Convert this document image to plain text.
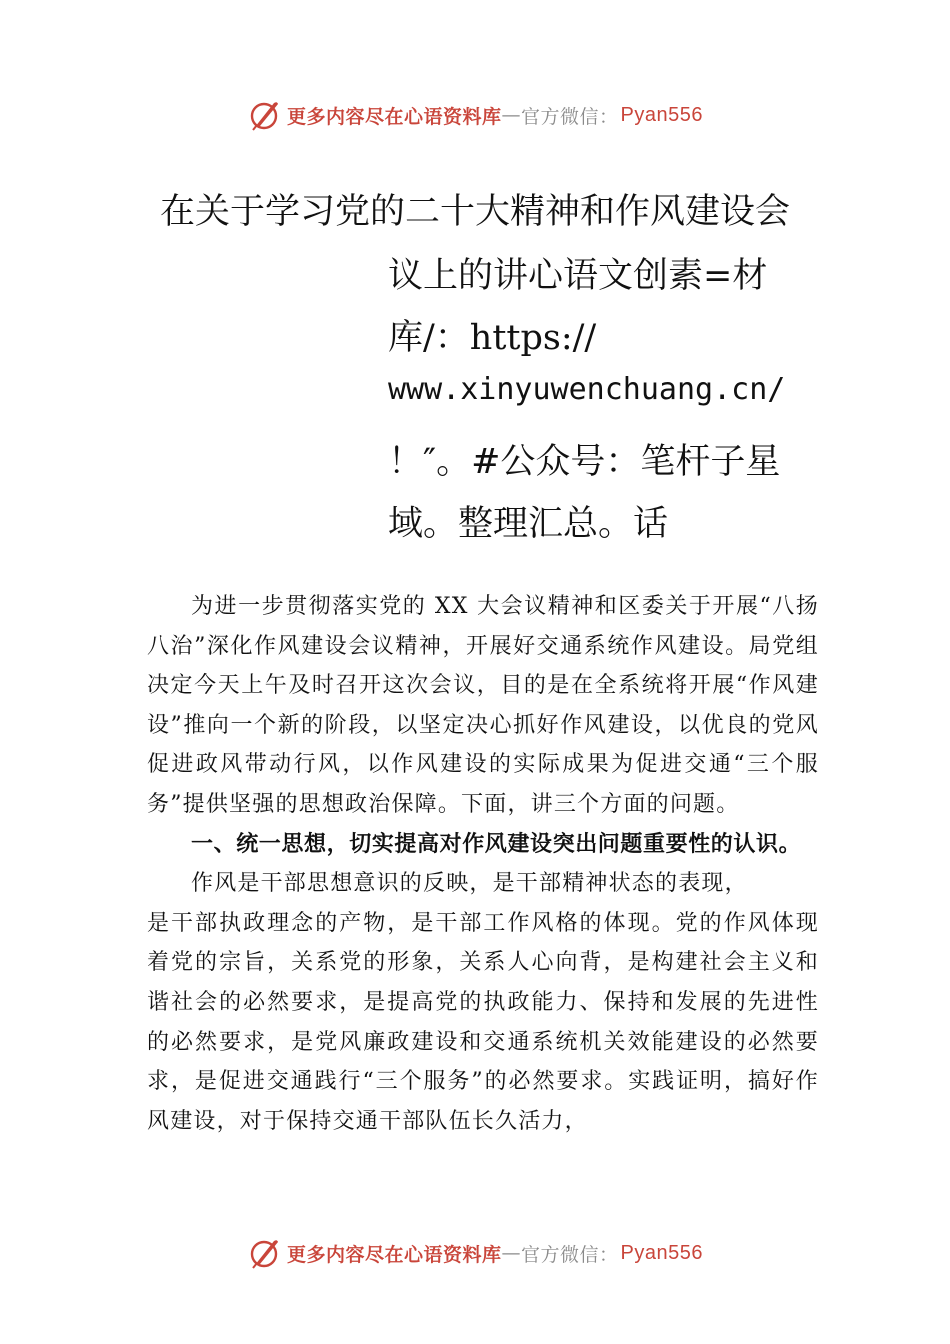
更多内容尽在心语资料库 — 官方微信： Pyan556
在关于学习党的二十大精神和作风建设会
议上的讲心语文创素=材
库/：https://
www.xinyuwenchuang.cn/
！″。#公众号：笔杆子星
域。整理汇总。话

为进一步贯彻落实党的 XX 大会议精神和区委关于开展“八扬八治”深化作风建设会议精神，开展好交通系统作风建设。局党组决定今天上午及时召开这次会议，目的是在全系统将开展“作风建设”推向一个新的阶段，以坚定决心抓好作风建设，以优良的党风促进政风带动行风，以作风建设的实际成果为促进交通“三个服务”提供坚强的思想政治保障。下面，讲三个方面的问题。

一、统一思想，切实提高对作风建设突出问题重要性的认识。

作风是干部思想意识的反映，是干部精神状态的表现，

是干部执政理念的产物，是干部工作风格的体现。党的作风体现着党的宗旨，关系党的形象，关系人心向背，是构建社会主义和谐社会的必然要求，是提高党的执政能力、保持和发展的先进性的必然要求，是党风廉政建设和交通系统机关效能建设的必然要求，是促进交通践行“三个服务”的必然要求。实践证明，搞好作风建设，对于保持交通干部队伍长久活力，

更多内容尽在心语资料库 — 官方微信： Pyan556
